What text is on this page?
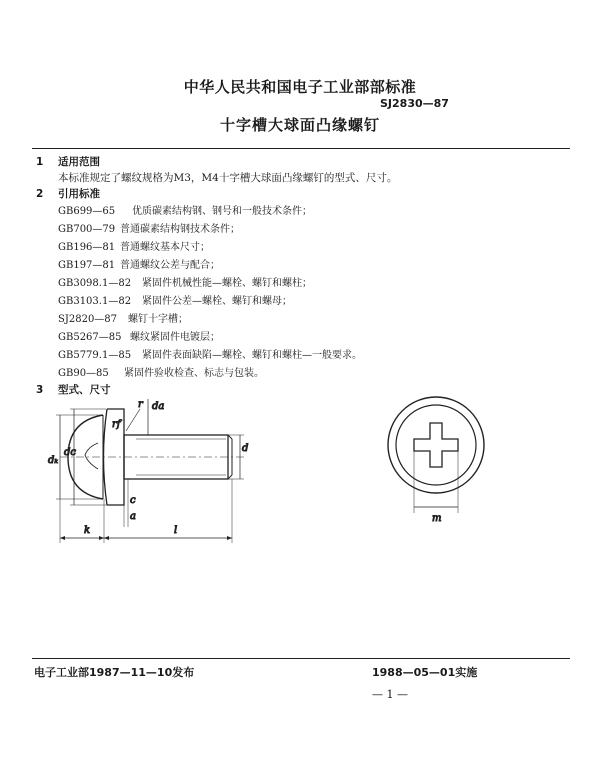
中华人民共和国电子工业部部标准
SJ2830—87
十字槽大球面凸缘螺钉
1 适用范围
本标准规定了螺纹规格为M3，M4十字槽大球面凸缘螺钉的型式、尺寸。
2 引用标准
GB699—65 优质碳素结构钢、钢号和一般技术条件；
GB700—79 普通碳素结构钢技术条件；
GB196—81 普通螺纹基本尺寸；
GB197—81 普通螺纹公差与配合；
GB3098.1—82 紧固件机械性能—螺栓、螺钉和螺柱；
GB3103.1—82 紧固件公差—螺栓、螺钉和螺母；
SJ2820—87 螺钉十字槽；
GB5267—85 螺纹紧固件电镀层；
GB5779.1—85 紧固件表面缺陷—螺栓、螺钉和螺柱—一般要求。
GB90—85 紧固件验收检查、标志与包装。
3 型式、尺寸
dₖ
dc
r
rf
da
d
a
c
k	l
m
电子工业部1987—11—10发布	1988—05—01实施
— 1 —
